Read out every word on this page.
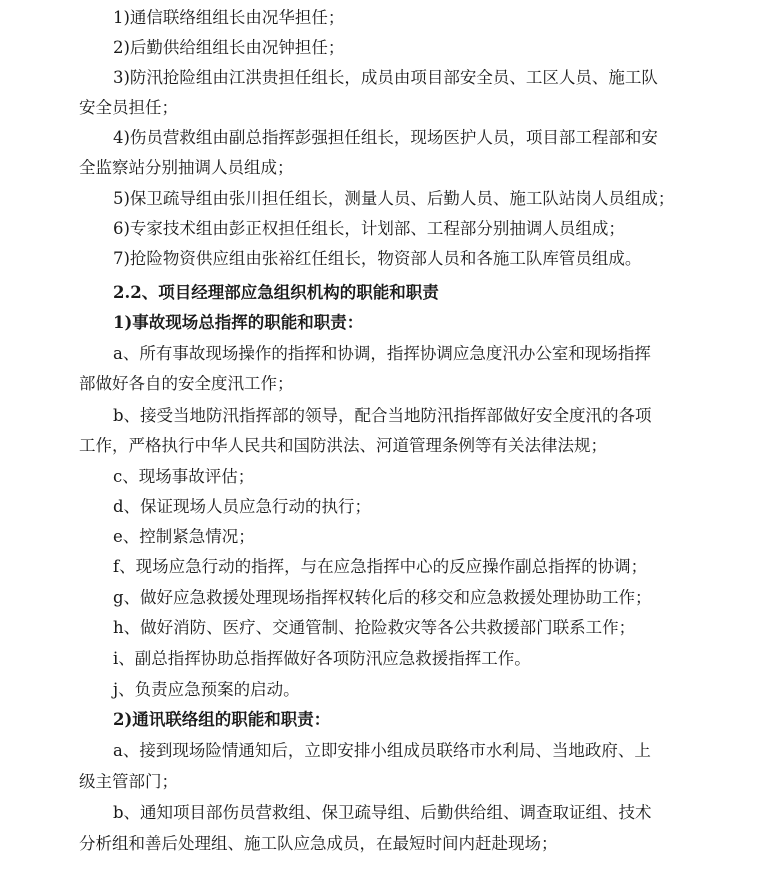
1)通信联络组组长由况华担任；
2)后勤供给组组长由况钟担任；
3)防汛抢险组由江洪贵担任组长，成员由项目部安全员、工区人员、施工队
安全员担任；
4)伤员营救组由副总指挥彭强担任组长，现场医护人员，项目部工程部和安
全监察站分别抽调人员组成；
5)保卫疏导组由张川担任组长，测量人员、后勤人员、施工队站岗人员组成；
6)专家技术组由彭正权担任组长，计划部、工程部分别抽调人员组成；
7)抢险物资供应组由张裕红任组长，物资部人员和各施工队库管员组成。
2.2、项目经理部应急组织机构的职能和职责
1)事故现场总指挥的职能和职责：
a、所有事故现场操作的指挥和协调，指挥协调应急度汛办公室和现场指挥
部做好各自的安全度汛工作；
b、接受当地防汛指挥部的领导，配合当地防汛指挥部做好安全度汛的各项
工作，严格执行中华人民共和国防洪法、河道管理条例等有关法律法规；
c、现场事故评估；
d、保证现场人员应急行动的执行；
e、控制紧急情况；
f、现场应急行动的指挥，与在应急指挥中心的反应操作副总指挥的协调；
g、做好应急救援处理现场指挥权转化后的移交和应急救援处理协助工作；
h、做好消防、医疗、交通管制、抢险救灾等各公共救援部门联系工作；
i、副总指挥协助总指挥做好各项防汛应急救援指挥工作。
j、负责应急预案的启动。
2)通讯联络组的职能和职责：
a、接到现场险情通知后，立即安排小组成员联络市水利局、当地政府、上
级主管部门；
b、通知项目部伤员营救组、保卫疏导组、后勤供给组、调查取证组、技术
分析组和善后处理组、施工队应急成员，在最短时间内赶赴现场；
